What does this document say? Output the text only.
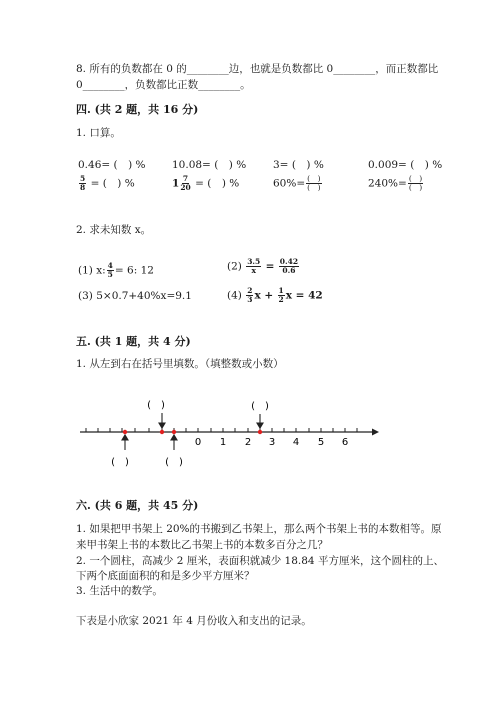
8. 所有的负数都在 0 的________边，也就是负数都比 0________，而正数都比
0________，负数都比正数________。
四. (共 2 题，共 16 分)
1. 口算。
0.46= (　) %	10.08= (　) %	3= (　) %	0.009= (　) %
$\frac{5}{8}$ = (　) %	$1 \frac{7}{20}$ = (　) %	$60\%= \frac{( )}{( )}$	$240\%= \frac{( )}{( )}$
2. 求未知数 x。
(1) x: $\frac{4}{5} = 6$: 12	$(2) \frac{3.5}{x} = \frac{0.42}{0.6}$
(3) 5×0.7+40%x=9.1	$(4) \frac{2}{3}$ $x + \frac{1}{2}$ x = 42
五. (共 1 题，共 4 分)
1. 从左到右在括号里填数。（填整数或小数）
0 1 2 3 4 5 6
(　)	(　)
(　)	(　)
六. (共 6 题，共 45 分)
1. 如果把甲书架上 20%的书搬到乙书架上，那么两个书架上书的本数相等。原
来甲书架上书的本数比乙书架上书的本数多百分之几？
2. 一个圆柱，高减少 2 厘米，表面积就减少 18.84 平方厘米，这个圆柱的上、
下两个底面面积的和是多少平方厘米？
3. 生活中的数学。
下表是小欣家 2021 年 4 月份收入和支出的记录。
